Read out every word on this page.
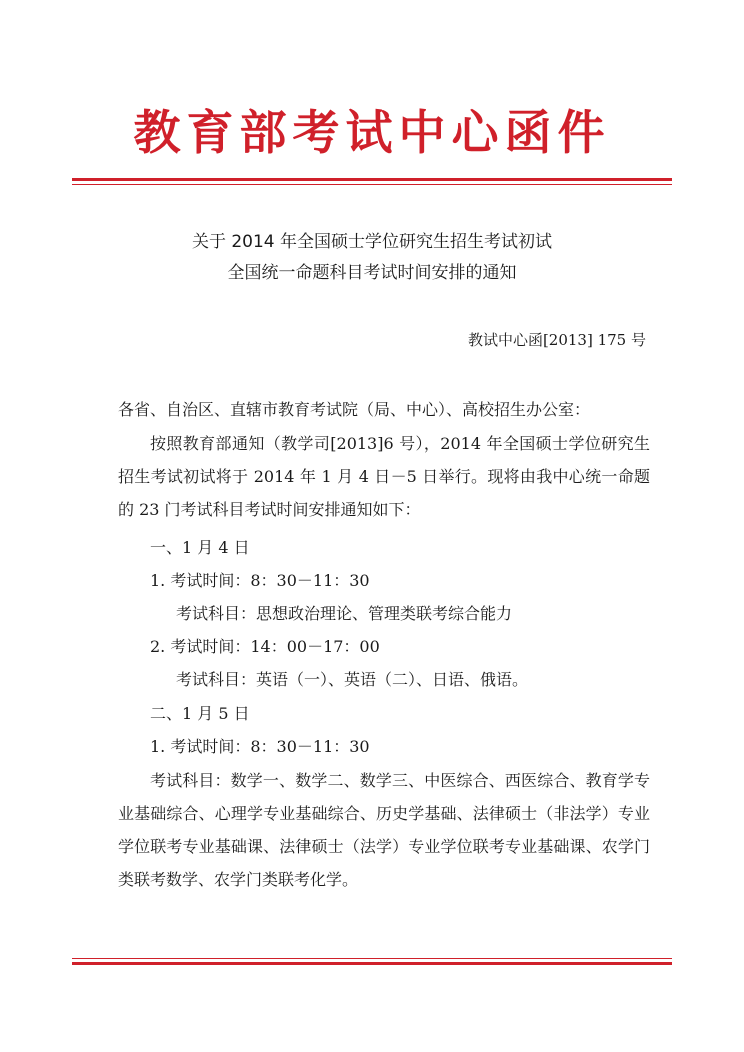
教育部考试中心函件
关于 2014 年全国硕士学位研究生招生考试初试
全国统一命题科目考试时间安排的通知
教试中心函[2013] 175 号
各省、自治区、直辖市教育考试院（局、中心）、高校招生办公室：
按照教育部通知（教学司[2013]6 号），2014 年全国硕士学位研究生招生考试初试将于 2014 年 1 月 4 日－5 日举行。现将由我中心统一命题的 23 门考试科目考试时间安排通知如下：
一、1 月 4 日
1. 考试时间：8：30－11：30
考试科目：思想政治理论、管理类联考综合能力
2. 考试时间：14：00－17：00
考试科目：英语（一）、英语（二）、日语、俄语。
二、1 月 5 日
1. 考试时间：8：30－11：30
考试科目：数学一、数学二、数学三、中医综合、西医综合、教育学专业基础综合、心理学专业基础综合、历史学基础、法律硕士（非法学）专业学位联考专业基础课、法律硕士（法学）专业学位联考专业基础课、农学门类联考数学、农学门类联考化学。
